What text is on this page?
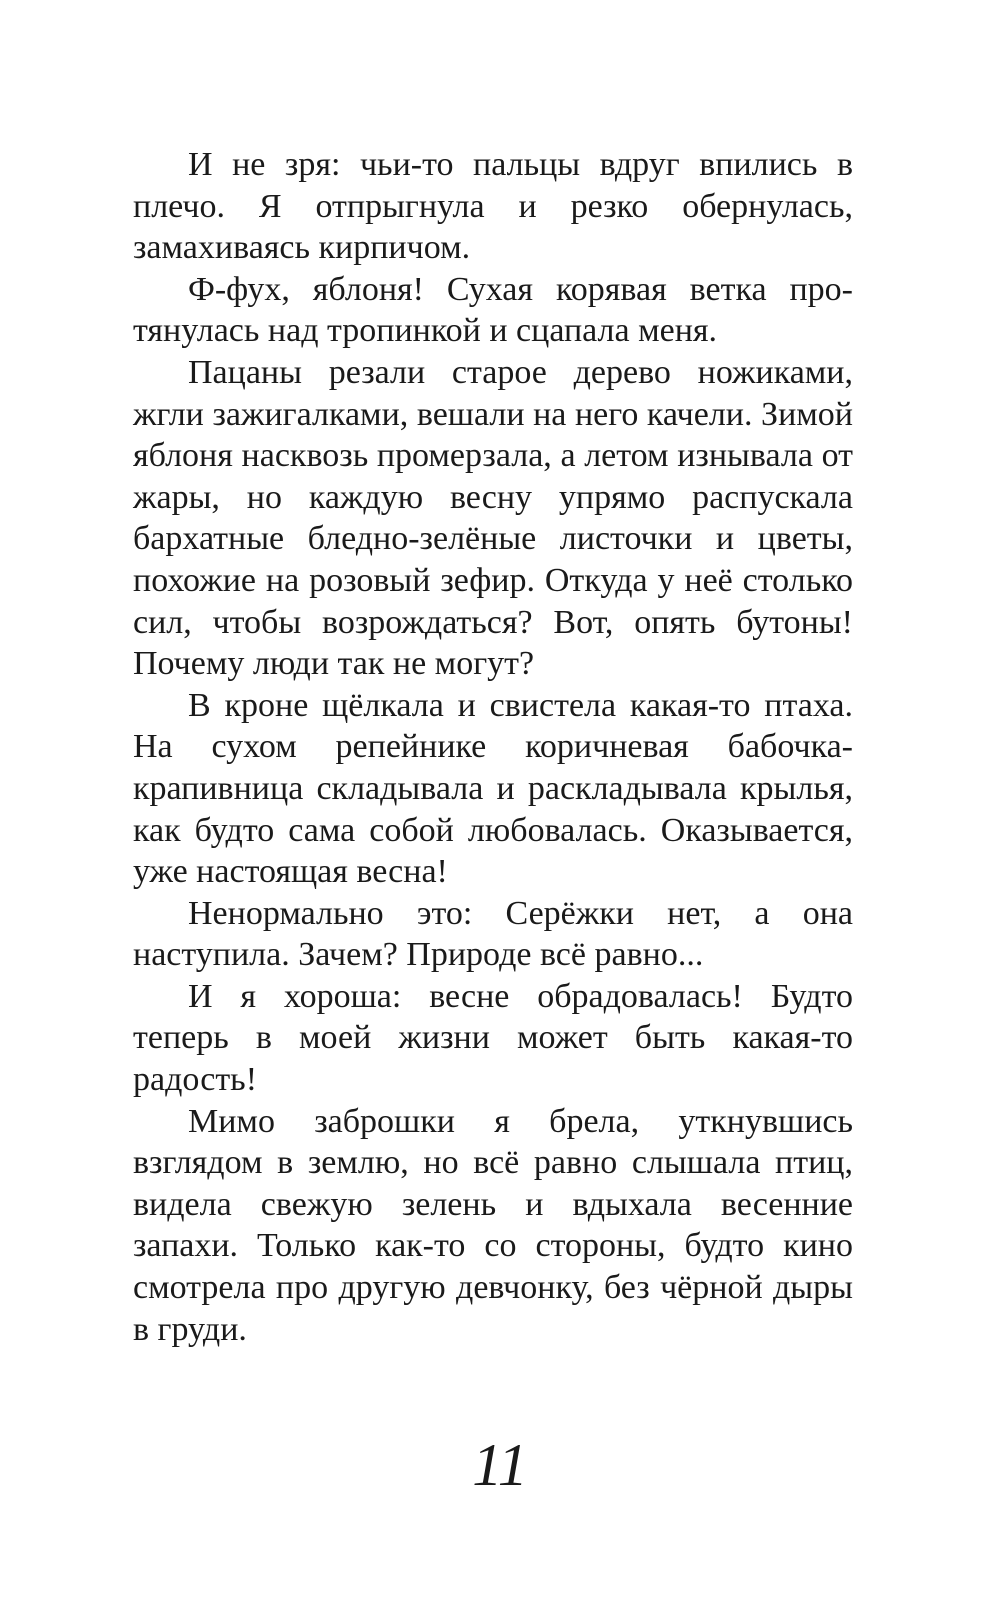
И не зря: чьи-то пальцы вдруг впились в плечо. Я отпрыгнула и резко обернулась, замахиваясь кирпичом.

Ф-фух, яблоня! Сухая корявая ветка протянулась над тропинкой и сцапала меня.

Пацаны резали старое дерево ножиками, жгли зажигалками, вешали на него качели. Зимой яблоня насквозь промерзала, а летом изнывала от жары, но каждую весну упрямо распускала бархатные бледно-зелёные листочки и цветы, похожие на розовый зефир. Откуда у неё столько сил, чтобы возрождаться? Вот, опять бутоны! Почему люди так не могут?

В кроне щёлкала и свистела какая-то птаха. На сухом репейнике коричневая бабочка-крапивница складывала и раскладывала крылья, как будто сама собой любовалась. Оказывается, уже настоящая весна!

Ненормально это: Серёжки нет, а она наступила. Зачем? Природе всё равно...

И я хороша: весне обрадовалась! Будто теперь в моей жизни может быть какая-то радость!

Мимо заброшки я брела, уткнувшись взглядом в землю, но всё равно слышала птиц, видела свежую зелень и вдыхала весенние запахи. Только как-то со стороны, будто кино смотрела про другую девчонку, без чёрной дыры в груди.

11
